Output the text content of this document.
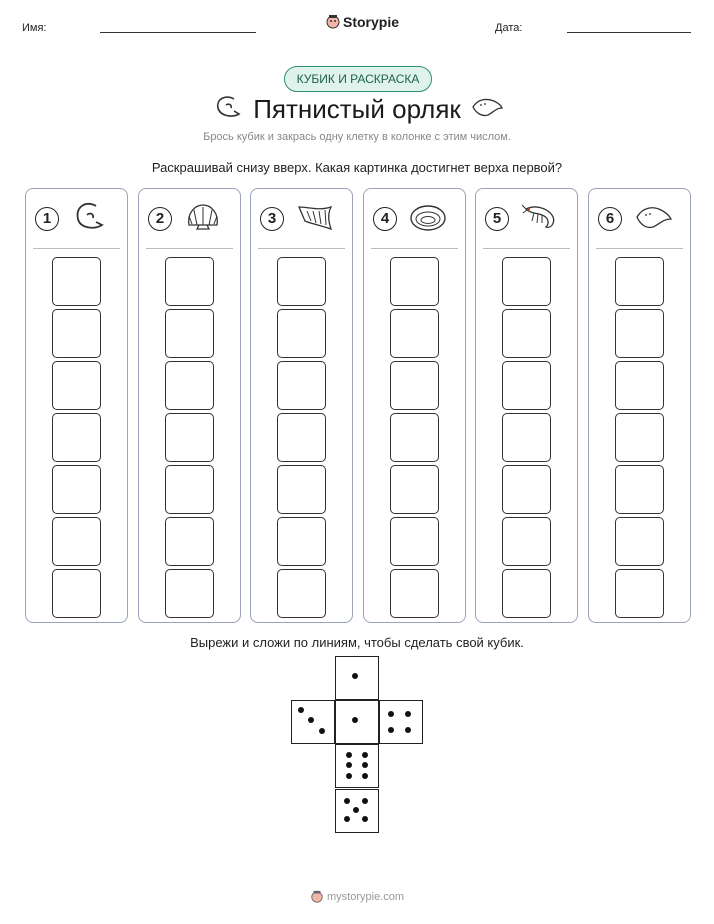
Имя:	Storypie	Дата:
КУБИК И РАСКРАСКА
Пятнистый орляк
Брось кубик и закрась одну клетку в колонке с этим числом.
Раскрашивай снизу вверх. Какая картинка достигнет верха первой?
1	2	3	4	5	6
Вырежи и сложи по линиям, чтобы сделать свой кубик.
mystorypie.com
